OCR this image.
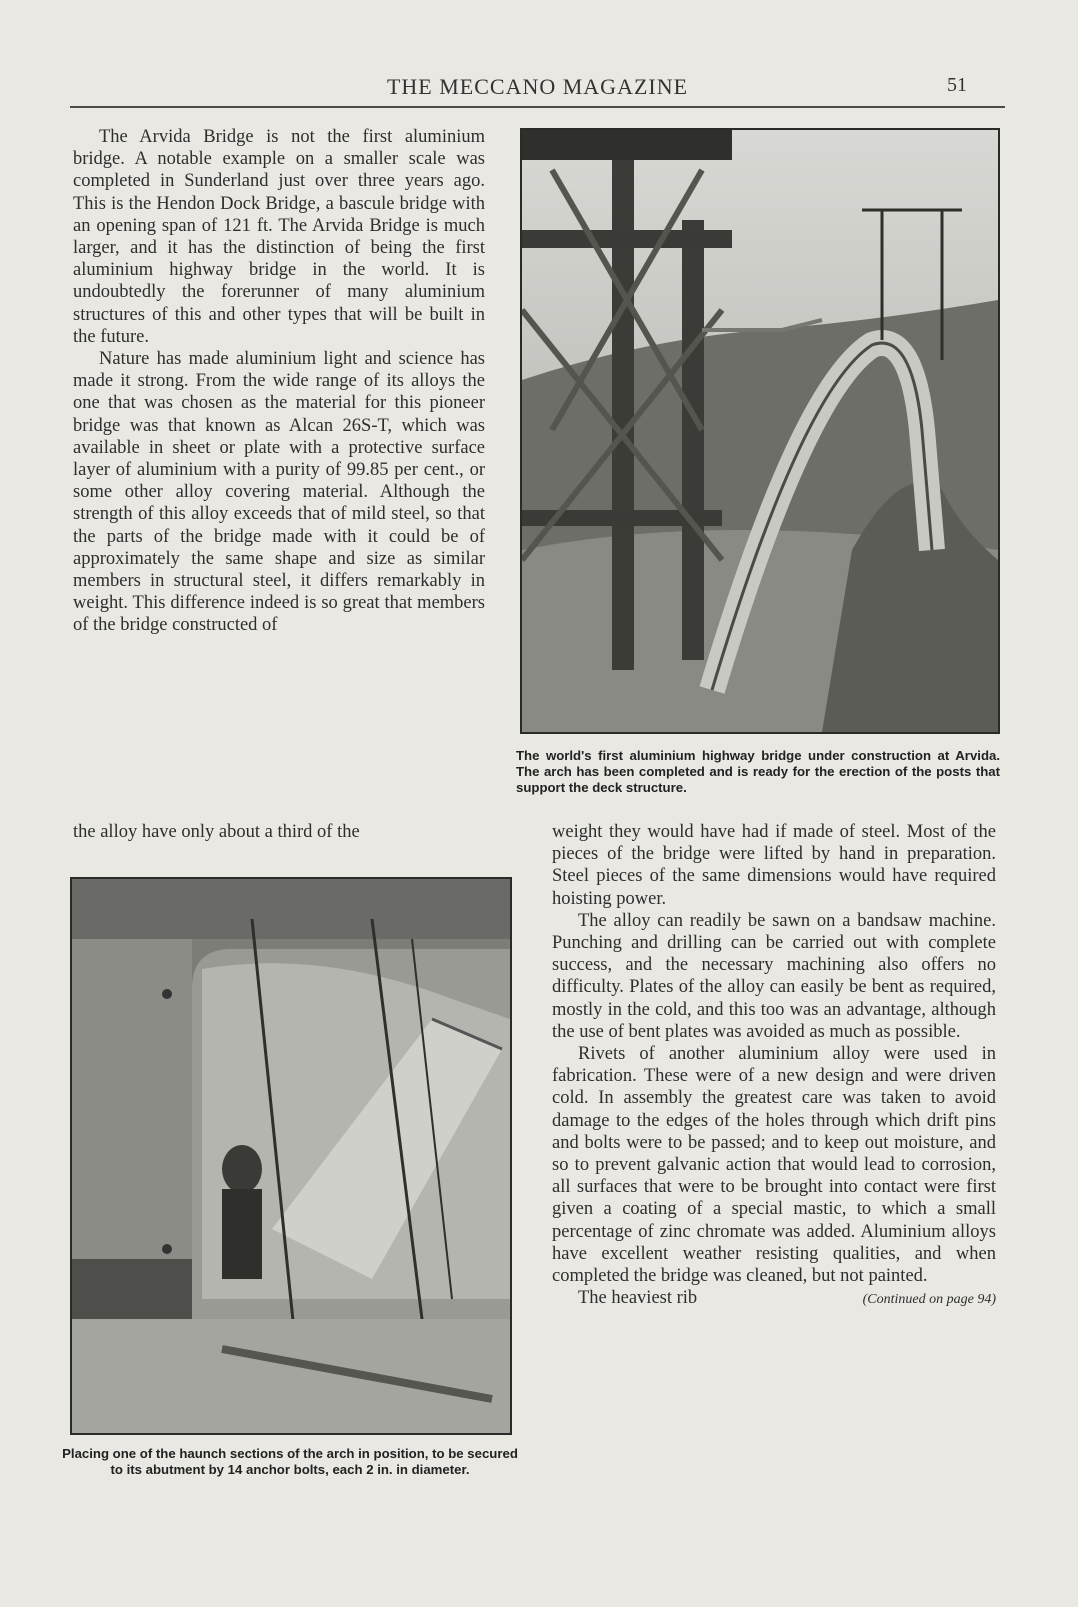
THE MECCANO MAGAZINE	51

The Arvida Bridge is not the first aluminium bridge. A notable example on a smaller scale was completed in Sunderland just over three years ago. This is the Hendon Dock Bridge, a bascule bridge with an opening span of 121 ft. The Arvida Bridge is much larger, and it has the distinction of being the first aluminium highway bridge in the world. It is undoubtedly the forerunner of many aluminium structures of this and other types that will be built in the future.

Nature has made aluminium light and science has made it strong. From the wide range of its alloys the one that was chosen as the material for this pioneer bridge was that known as Alcan 26S-T, which was available in sheet or plate with a protective surface layer of aluminium with a purity of 99.85 per cent., or some other alloy covering material. Although the strength of this alloy exceeds that of mild steel, so that the parts of the bridge made with it could be of approximately the same shape and size as similar members in structural steel, it differs remarkably in weight. This difference indeed is so great that members of the bridge constructed of

the alloy have only about a third of the
The world's first aluminium highway bridge under construction at Arvida. The arch has been completed and is ready for the erection of the posts that support the deck structure.
Placing one of the haunch sections of the arch in position, to be secured to its abutment by 14 anchor bolts, each 2 in. in diameter.

weight they would have had if made of steel. Most of the pieces of the bridge were lifted by hand in preparation. Steel pieces of the same dimensions would have required hoisting power.

The alloy can readily be sawn on a bandsaw machine. Punching and drilling can be carried out with complete success, and the necessary machining also offers no difficulty. Plates of the alloy can easily be bent as required, mostly in the cold, and this too was an advantage, although the use of bent plates was avoided as much as possible.

Rivets of another aluminium alloy were used in fabrication. These were of a new design and were driven cold. In assembly the greatest care was taken to avoid damage to the edges of the holes through which drift pins and bolts were to be passed; and to keep out moisture, and so to prevent galvanic action that would lead to corrosion, all surfaces that were to be brought into contact were first given a coating of a special mastic, to which a small percentage of zinc chromate was added. Aluminium alloys have excellent weather resisting qualities, and when completed the bridge was cleaned, but not painted.

The heaviest rib	(Continued on page 94)
